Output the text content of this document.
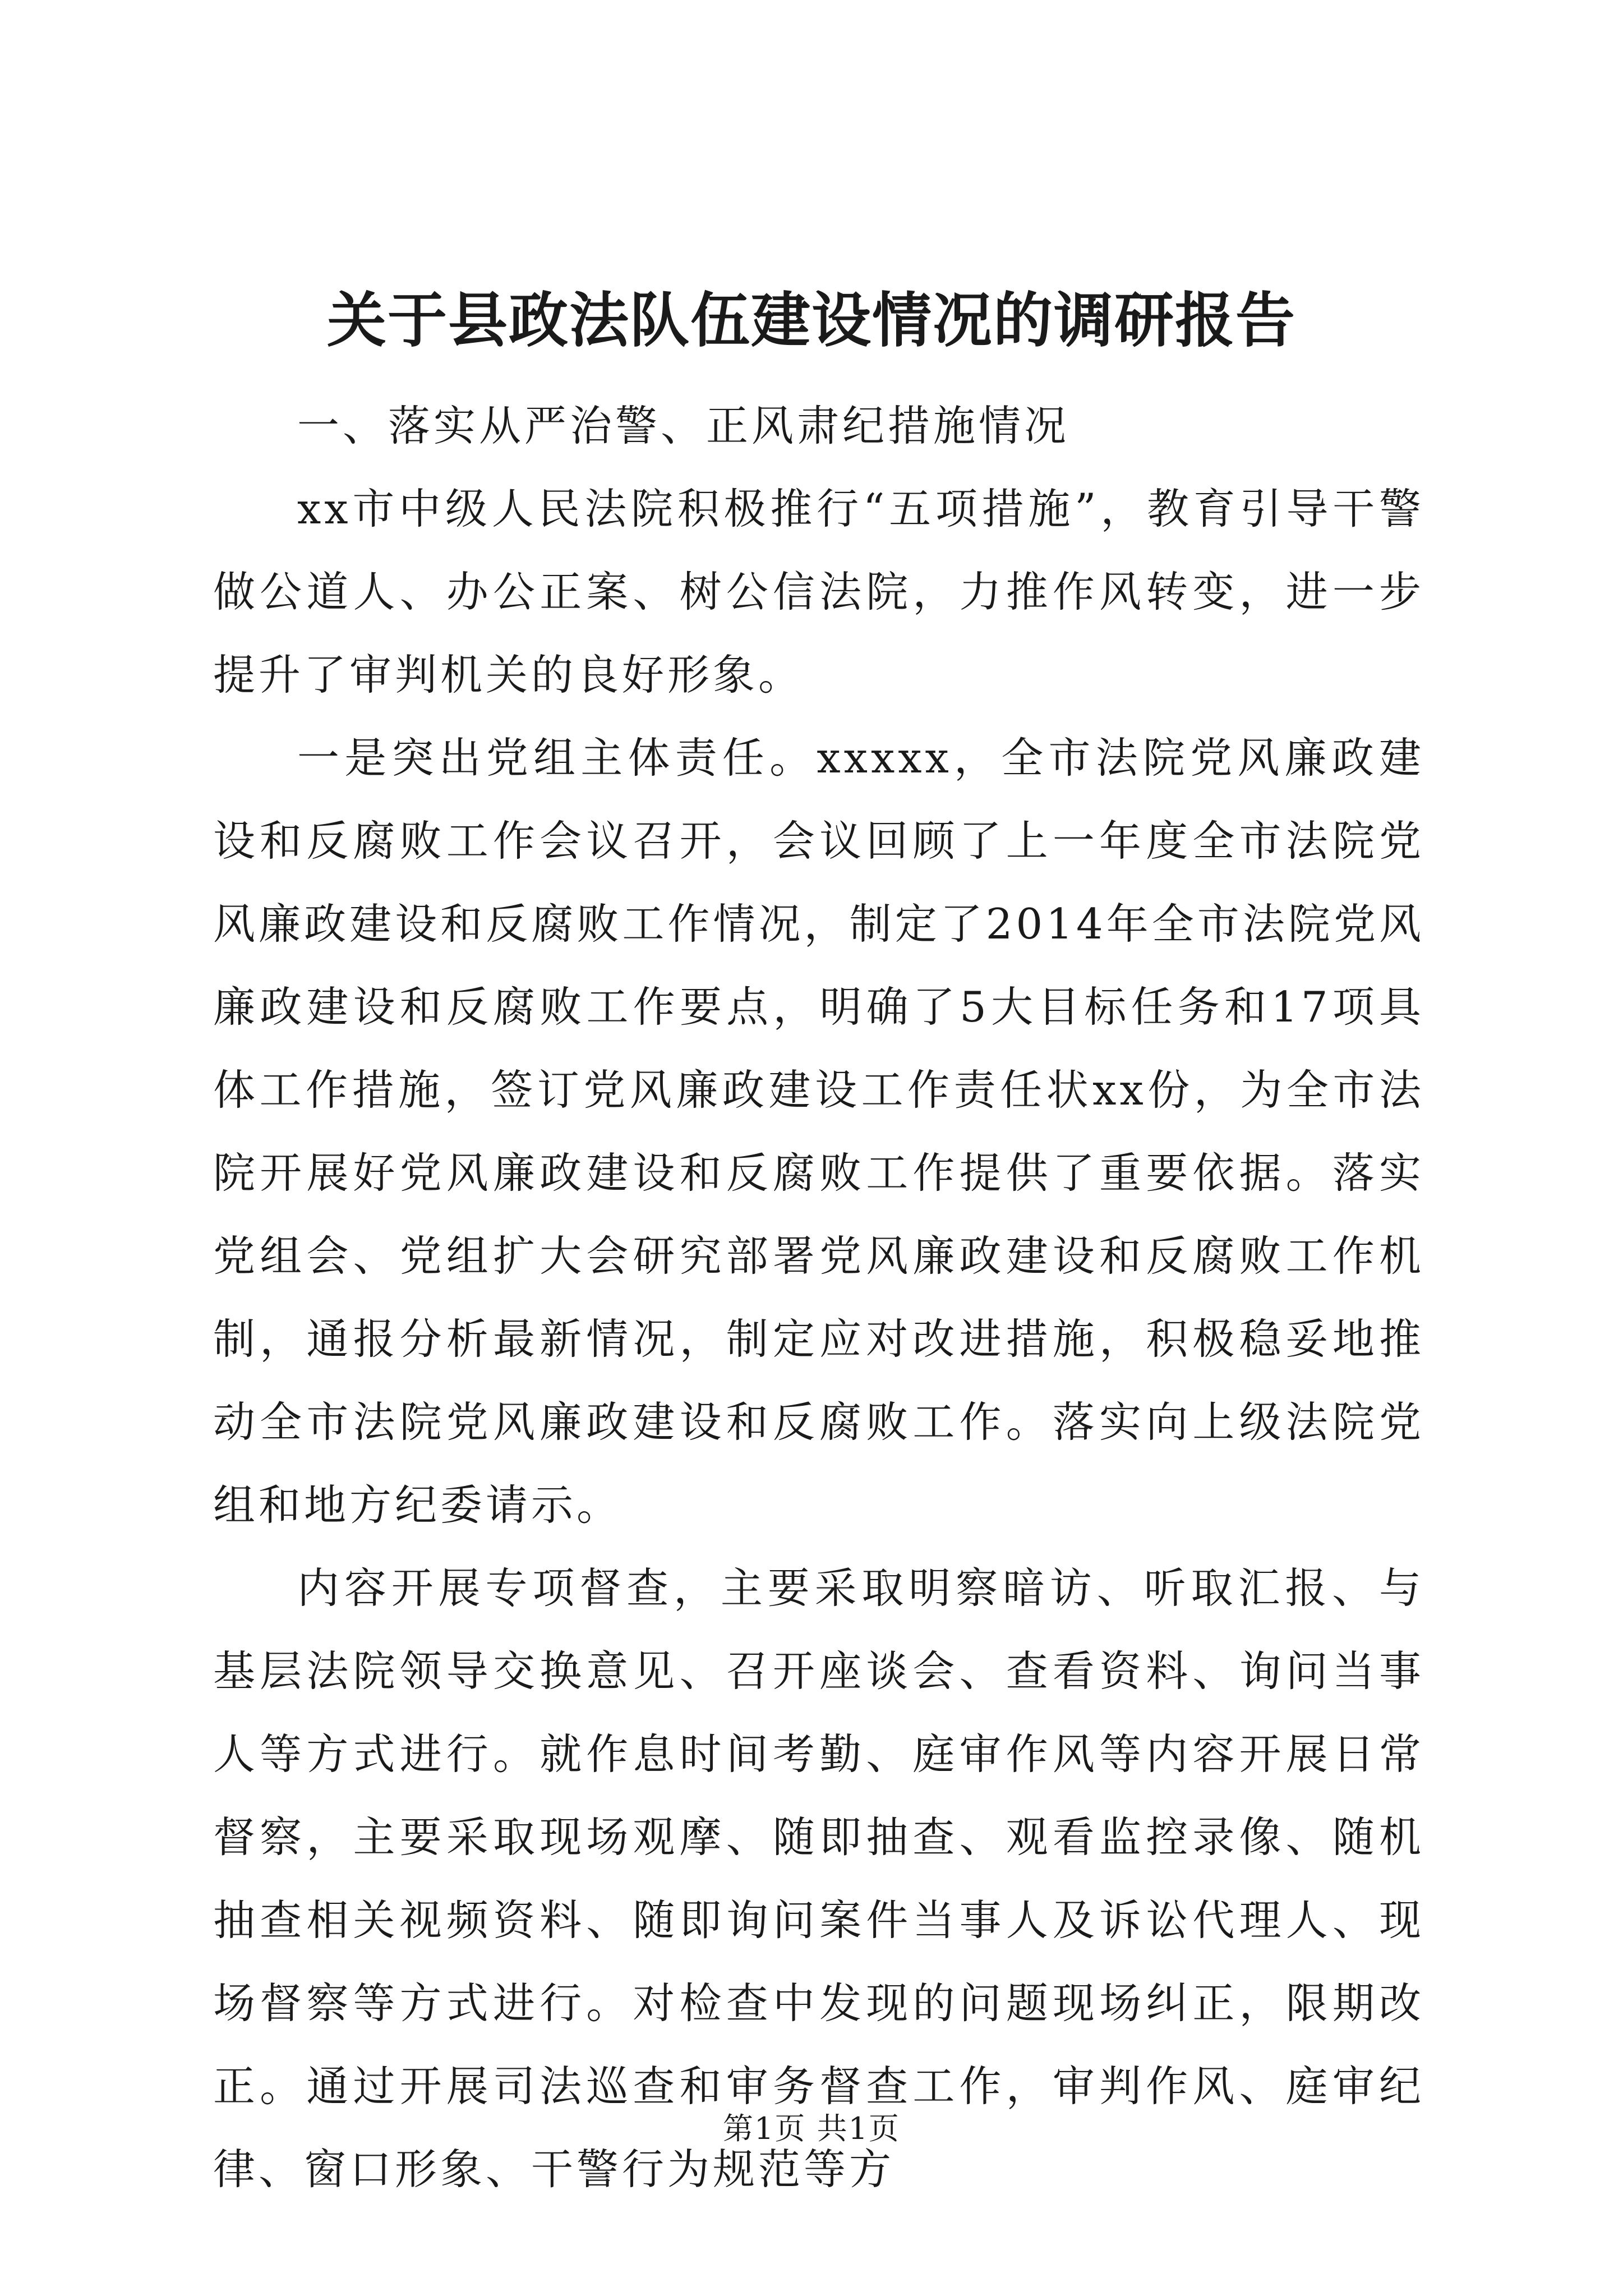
关于县政法队伍建设情况的调研报告

一、落实从严治警、正风肃纪措施情况

xx市中级人民法院积极推行“五项措施”，教育引导干警做公道人、办公正案、树公信法院，力推作风转变，进一步提升了审判机关的良好形象。

一是突出党组主体责任。xxxxx，全市法院党风廉政建设和反腐败工作会议召开，会议回顾了上一年度全市法院党风廉政建设和反腐败工作情况，制定了2014年全市法院党风廉政建设和反腐败工作要点，明确了5大目标任务和17项具体工作措施，签订党风廉政建设工作责任状xx份，为全市法院开展好党风廉政建设和反腐败工作提供了重要依据。落实党组会、党组扩大会研究部署党风廉政建设和反腐败工作机制，通报分析最新情况，制定应对改进措施，积极稳妥地推动全市法院党风廉政建设和反腐败工作。落实向上级法院党组和地方纪委请示。

内容开展专项督查，主要采取明察暗访、听取汇报、与基层法院领导交换意见、召开座谈会、查看资料、询问当事人等方式进行。就作息时间考勤、庭审作风等内容开展日常督察，主要采取现场观摩、随即抽查、观看监控录像、随机抽查相关视频资料、随即询问案件当事人及诉讼代理人、现场督察等方式进行。对检查中发现的问题现场纠正，限期改正。通过开展司法巡查和审务督查工作，审判作风、庭审纪律、窗口形象、干警行为规范等方

第1页 共1页
